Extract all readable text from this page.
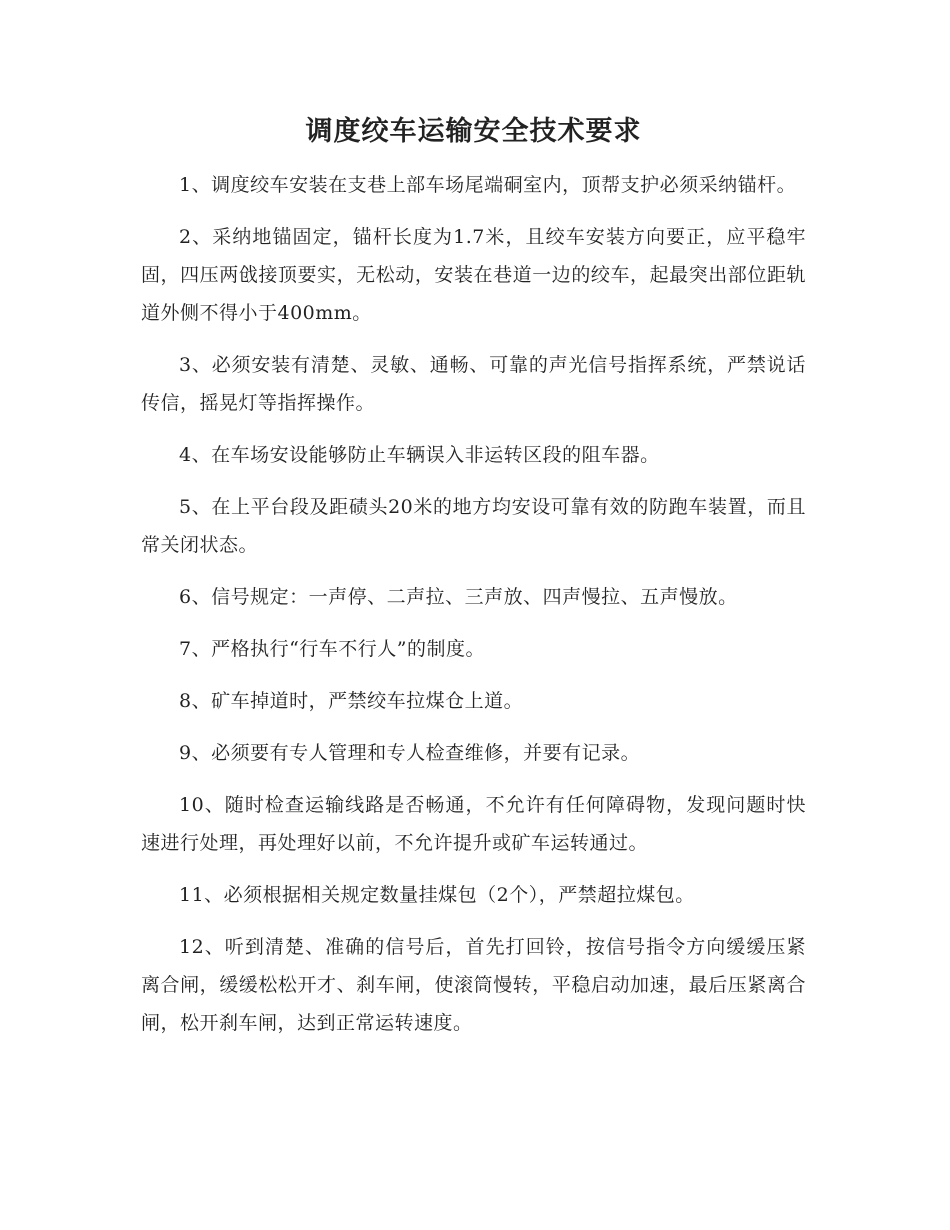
调度绞车运输安全技术要求

1、调度绞车安装在支巷上部车场尾端硐室内，顶帮支护必须采纳锚杆。

2、采纳地锚固定，锚杆长度为1.7米，且绞车安装方向要正，应平稳牢固，四压两戗接顶要实，无松动，安装在巷道一边的绞车，起最突出部位距轨道外侧不得小于400mm。

3、必须安装有清楚、灵敏、通畅、可靠的声光信号指挥系统，严禁说话传信，摇晃灯等指挥操作。

4、在车场安设能够防止车辆误入非运转区段的阻车器。

5、在上平台段及距碛头20米的地方均安设可靠有效的防跑车装置，而且常关闭状态。

6、信号规定：一声停、二声拉、三声放、四声慢拉、五声慢放。

7、严格执行“行车不行人”的制度。

8、矿车掉道时，严禁绞车拉煤仓上道。

9、必须要有专人管理和专人检查维修，并要有记录。

10、随时检查运输线路是否畅通，不允许有任何障碍物，发现问题时快速进行处理，再处理好以前，不允许提升或矿车运转通过。

11、必须根据相关规定数量挂煤包（2个），严禁超拉煤包。

12、听到清楚、准确的信号后，首先打回铃，按信号指令方向缓缓压紧离合闸，缓缓松松开才、刹车闸，使滚筒慢转，平稳启动加速，最后压紧离合闸，松开刹车闸，达到正常运转速度。
